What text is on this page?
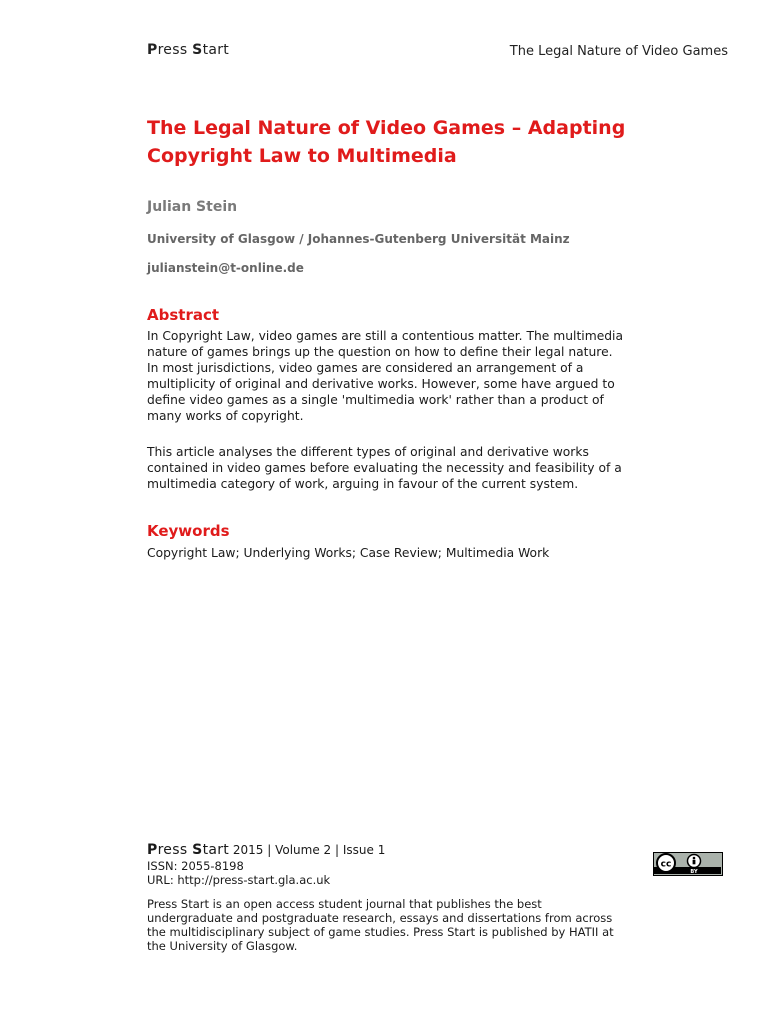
Press Start	The Legal Nature of Video Games
The Legal Nature of Video Games – Adapting Copyright Law to Multimedia

Julian Stein

University of Glasgow / Johannes-Gutenberg Universität Mainz

julianstein@t-online.de

Abstract

In Copyright Law, video games are still a contentious matter. The multimedia nature of games brings up the question on how to define their legal nature. In most jurisdictions, video games are considered an arrangement of a multiplicity of original and derivative works. However, some have argued to define video games as a single 'multimedia work' rather than a product of many works of copyright.

This article analyses the different types of original and derivative works contained in video games before evaluating the necessity and feasibility of a multimedia category of work, arguing in favour of the current system.

Keywords

Copyright Law; Underlying Works; Case Review; Multimedia Work

Press Start 2015 | Volume 2 | Issue 1
ISSN: 2055-8198
URL: http://press-start.gla.ac.uk

Press Start is an open access student journal that publishes the best undergraduate and postgraduate research, essays and dissertations from across the multidisciplinary subject of game studies. Press Start is published by HATII at the University of Glasgow.

cc
BY
